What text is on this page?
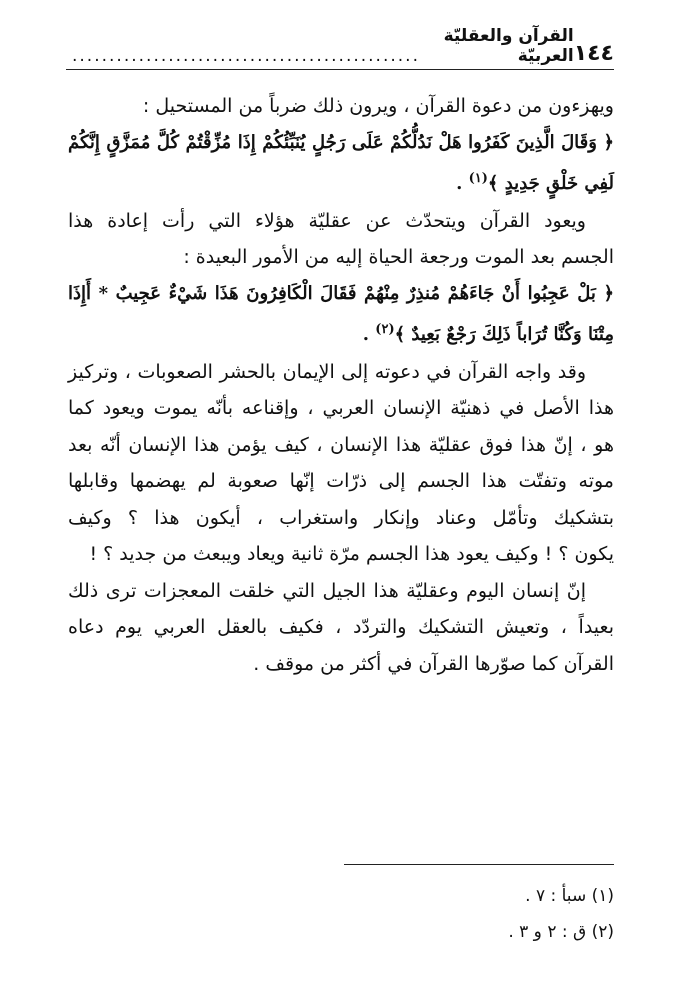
١٤٤
القرآن والعقليّة العربيّة
...............................................

ويهزءون من دعوة القرآن ، ويرون ذلك ضرباً من المستحيل :

﴿ وَقَالَ الَّذِينَ كَفَرُوا هَلْ نَدُلُّكُمْ عَلَى رَجُلٍ يُنَبِّئُكُمْ إِذَا مُزِّقْتُمْ كُلَّ مُمَزَّقٍ إِنَّكُمْ
لَفِي خَلْقٍ جَدِيدٍ ﴾$^{(١)}$ .

ويعود القرآن ويتحدّث عن عقليّة هؤلاء التي رأت إعادة هذا

الجسم بعد الموت ورجعة الحياة إليه من الأمور البعيدة :

﴿ بَلْ عَجِبُوا أَنْ جَاءَهُمْ مُنذِرٌ مِنْهُمْ فَقَالَ الْكَافِرُونَ هَذَا شَيْءٌ عَجِيبٌ * أَإِذَا
مِتْنَا وَكُنَّا تُرَاباً ذَلِكَ رَجْعٌ بَعِيدٌ ﴾$^{(٢)}$ .

وقد واجه القرآن في دعوته إلى الإيمان بالحشر الصعوبات ، وتركيز

هذا الأصل في ذهنيّة الإنسان العربي ، وإقناعه بأنّه يموت ويعود كما
هو ، إنّ هذا فوق عقليّة هذا الإنسان ، كيف يؤمن هذا الإنسان أنّه بعد
موته وتفتّت هذا الجسم إلى ذرّات إنّها صعوبة لم يهضمها وقابلها
بتشكيك وتأمّل وعناد وإنكار واستغراب ، أيكون هذا ؟ وكيف
يكون ؟ ! وكيف يعود هذا الجسم مرّة ثانية ويعاد ويبعث من جديد ؟ !

إنّ إنسان اليوم وعقليّة هذا الجيل التي خلقت المعجزات ترى ذلك

بعيداً ، وتعيش التشكيك والتردّد ، فكيف بالعقل العربي يوم دعاه
القرآن كما صوّرها القرآن في أكثر من موقف .

(١) سبأ : ٧ .
(٢) ق : ٢ و ٣ .
